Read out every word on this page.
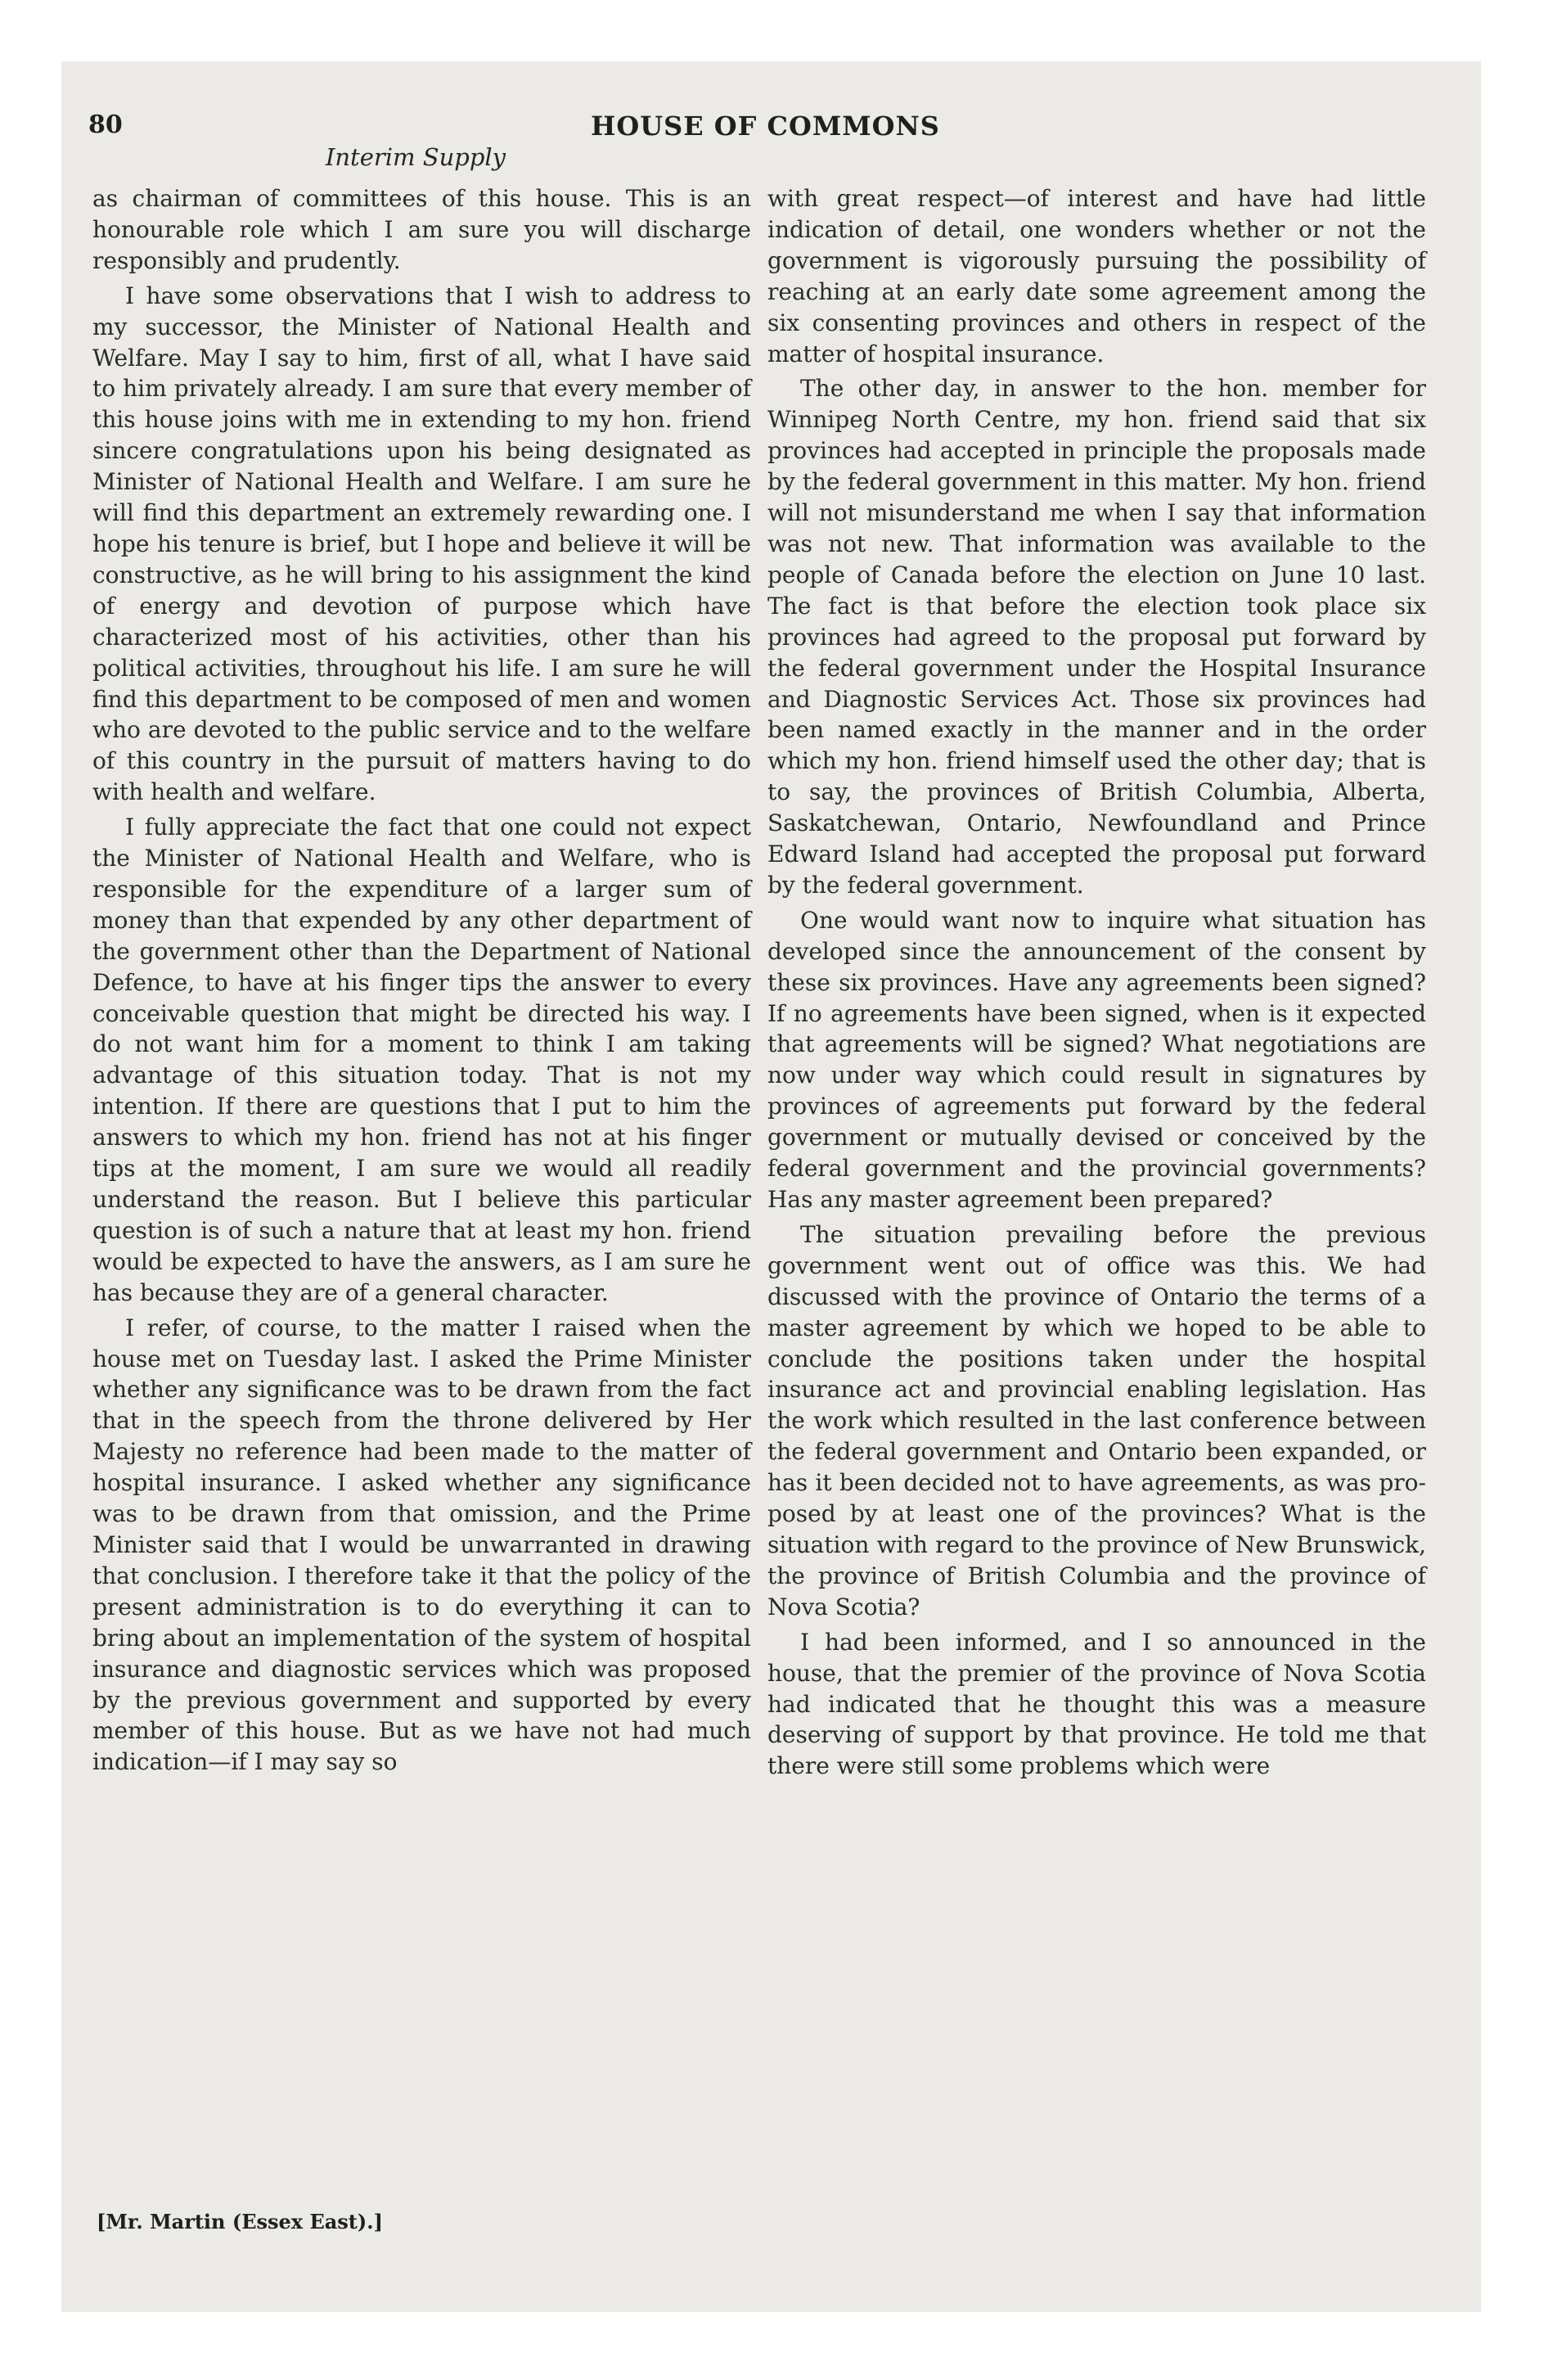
80	HOUSE OF COMMONS
Interim Supply

as chairman of committees of this house. This is an honourable role which I am sure you will discharge responsibly and prudently.

I have some observations that I wish to address to my successor, the Minister of National Health and Welfare. May I say to him, first of all, what I have said to him privately already. I am sure that every member of this house joins with me in extending to my hon. friend sincere congratulations upon his being designated as Minister of National Health and Welfare. I am sure he will find this department an extremely rewarding one. I hope his tenure is brief, but I hope and believe it will be constructive, as he will bring to his assignment the kind of energy and devotion of purpose which have characterized most of his activities, other than his political activities, throughout his life. I am sure he will find this department to be composed of men and women who are devoted to the public service and to the welfare of this country in the pursuit of matters having to do with health and welfare.

I fully appreciate the fact that one could not expect the Minister of National Health and Welfare, who is responsible for the expenditure of a larger sum of money than that expended by any other department of the government other than the Department of National Defence, to have at his finger tips the answer to every conceivable question that might be directed his way. I do not want him for a moment to think I am taking advantage of this situation today. That is not my intention. If there are questions that I put to him the answers to which my hon. friend has not at his finger tips at the moment, I am sure we would all readily understand the reason. But I believe this particular question is of such a nature that at least my hon. friend would be expected to have the answers, as I am sure he has because they are of a general character.

I refer, of course, to the matter I raised when the house met on Tuesday last. I asked the Prime Minister whether any significance was to be drawn from the fact that in the speech from the throne delivered by Her Majesty no reference had been made to the matter of hospital insurance. I asked whether any significance was to be drawn from that omission, and the Prime Minister said that I would be unwarranted in drawing that conclusion. I therefore take it that the policy of the present administration is to do everything it can to bring about an implementation of the system of hospital insurance and diagnostic services which was proposed by the previous government and supported by every member of this house. But as we have not had much indication—if I may say so

with great respect—of interest and have had little indication of detail, one wonders whether or not the government is vigorously pursuing the possibility of reaching at an early date some agreement among the six consenting provinces and others in respect of the matter of hospital insurance.

The other day, in answer to the hon. member for Winnipeg North Centre, my hon. friend said that six provinces had accepted in principle the proposals made by the federal government in this matter. My hon. friend will not misunderstand me when I say that information was not new. That information was available to the people of Canada before the election on June 10 last. The fact is that before the election took place six provinces had agreed to the proposal put forward by the federal government under the Hospital Insurance and Diagnostic Services Act. Those six provinces had been named exactly in the manner and in the order which my hon. friend himself used the other day; that is to say, the provinces of British Columbia, Alberta, Saskatchewan, Ontario, Newfoundland and Prince Edward Island had accepted the proposal put forward by the federal government.

One would want now to inquire what situation has developed since the announcement of the consent by these six provinces. Have any agreements been signed? If no agreements have been signed, when is it expected that agreements will be signed? What negotiations are now under way which could result in signatures by provinces of agreements put forward by the federal government or mutually devised or conceived by the federal government and the provincial governments? Has any master agreement been prepared?

The situation prevailing before the previous government went out of office was this. We had discussed with the province of Ontario the terms of a master agreement by which we hoped to be able to conclude the positions taken under the hospital insurance act and provincial enabling legislation. Has the work which resulted in the last conference between the federal government and Ontario been expanded, or has it been decided not to have agreements, as was proposed by at least one of the provinces? What is the situation with regard to the province of New Brunswick, the province of British Columbia and the province of Nova Scotia?

I had been informed, and I so announced in the house, that the premier of the province of Nova Scotia had indicated that he thought this was a measure deserving of support by that province. He told me that there were still some problems which were

[Mr. Martin (Essex East).]
